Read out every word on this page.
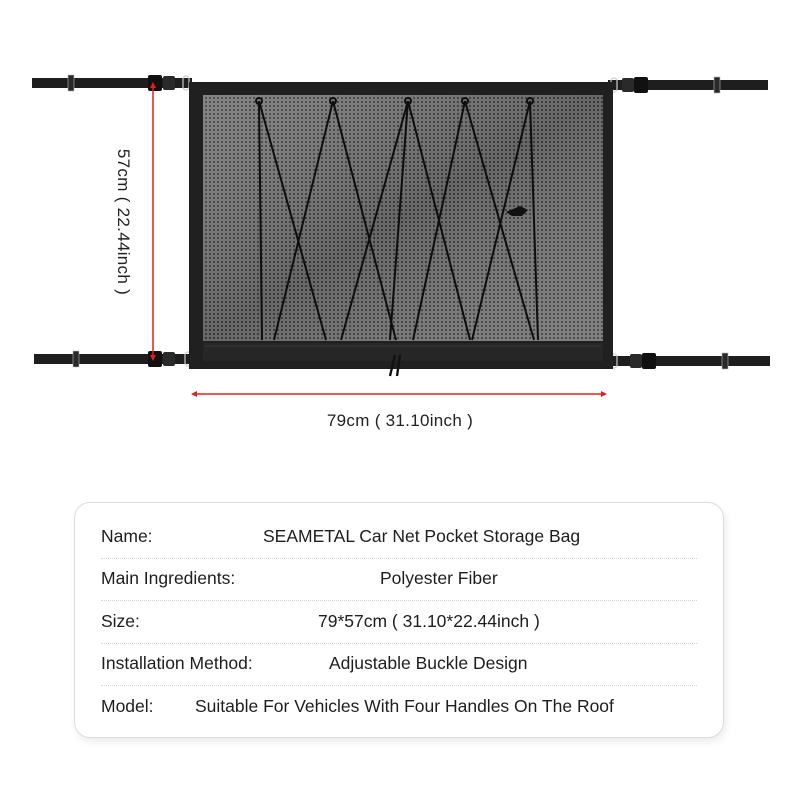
57cm ( 22.44inch )
79cm ( 31.10inch )
Name:	SEAMETAL Car Net Pocket Storage Bag
Main Ingredients:	Polyester Fiber
Size:	79*57cm ( 31.10*22.44inch )
Installation Method:	Adjustable Buckle Design
Model: Suitable For Vehicles With Four Handles On The Roof
